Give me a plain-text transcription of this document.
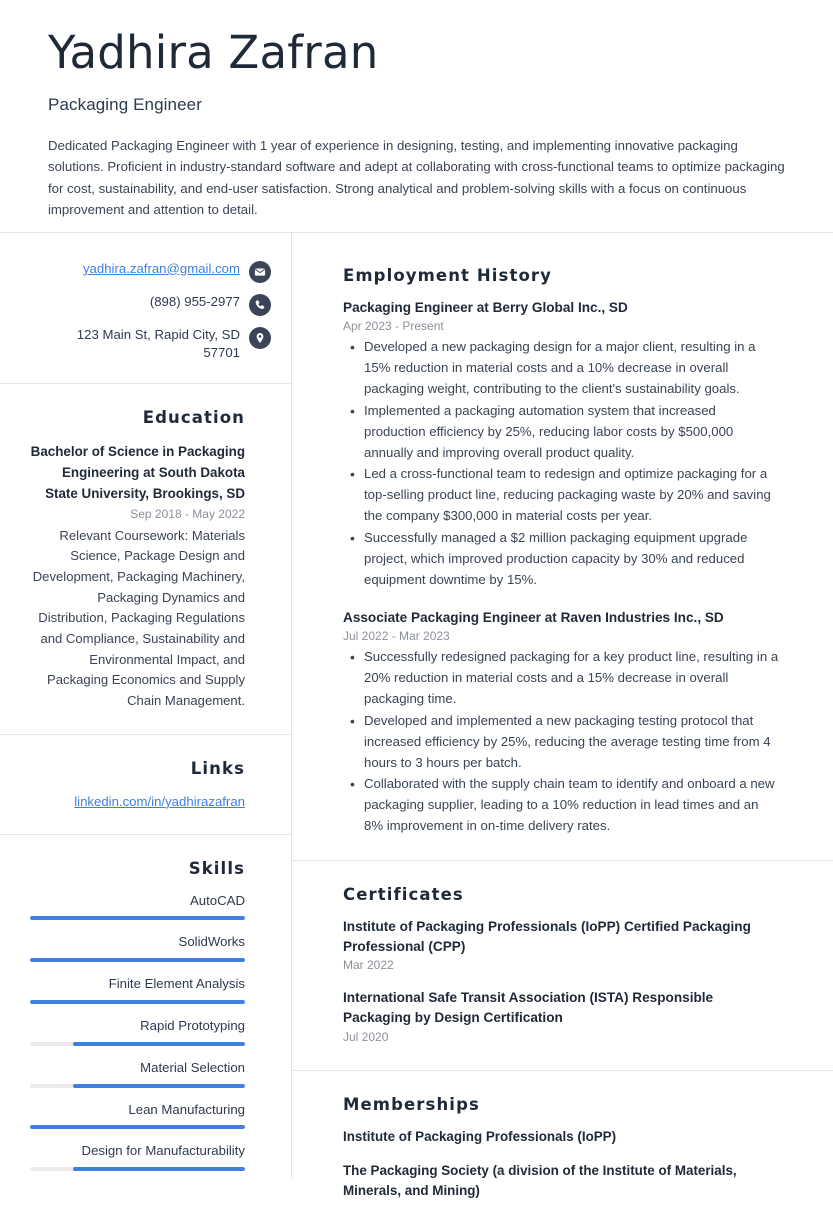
Yadhira Zafran
Packaging Engineer

Dedicated Packaging Engineer with 1 year of experience in designing, testing, and implementing innovative packaging solutions. Proficient in industry-standard software and adept at collaborating with cross-functional teams to optimize packaging for cost, sustainability, and end-user satisfaction. Strong analytical and problem-solving skills with a focus on continuous improvement and attention to detail.

yadhira.zafran@gmail.com
(898) 955-2977
123 Main St, Rapid City, SD 57701
Education
Bachelor of Science in Packaging Engineering at South Dakota State University, Brookings, SD
Sep 2018 - May 2022
Relevant Coursework: Materials Science, Package Design and Development, Packaging Machinery, Packaging Dynamics and Distribution, Packaging Regulations and Compliance, Sustainability and Environmental Impact, and Packaging Economics and Supply Chain Management.
Links
linkedin.com/in/yadhirazafran
Skills
AutoCAD
SolidWorks
Finite Element Analysis
Rapid Prototyping
Material Selection
Lean Manufacturing
Design for Manufacturability
Employment History
Packaging Engineer at Berry Global Inc., SD
Apr 2023 - Present
• Developed a new packaging design for a major client, resulting in a 15% reduction in material costs and a 10% decrease in overall packaging weight, contributing to the client's sustainability goals.
• Implemented a packaging automation system that increased production efficiency by 25%, reducing labor costs by $500,000 annually and improving overall product quality.
• Led a cross-functional team to redesign and optimize packaging for a top-selling product line, reducing packaging waste by 20% and saving the company $300,000 in material costs per year.
• Successfully managed a $2 million packaging equipment upgrade project, which improved production capacity by 30% and reduced equipment downtime by 15%.
Associate Packaging Engineer at Raven Industries Inc., SD
Jul 2022 - Mar 2023
• Successfully redesigned packaging for a key product line, resulting in a 20% reduction in material costs and a 15% decrease in overall packaging time.
• Developed and implemented a new packaging testing protocol that increased efficiency by 25%, reducing the average testing time from 4 hours to 3 hours per batch.
• Collaborated with the supply chain team to identify and onboard a new packaging supplier, leading to a 10% reduction in lead times and an 8% improvement in on-time delivery rates.
Certificates
Institute of Packaging Professionals (IoPP) Certified Packaging Professional (CPP)
Mar 2022
International Safe Transit Association (ISTA) Responsible Packaging by Design Certification
Jul 2020
Memberships
Institute of Packaging Professionals (IoPP)
The Packaging Society (a division of the Institute of Materials, Minerals, and Mining)
